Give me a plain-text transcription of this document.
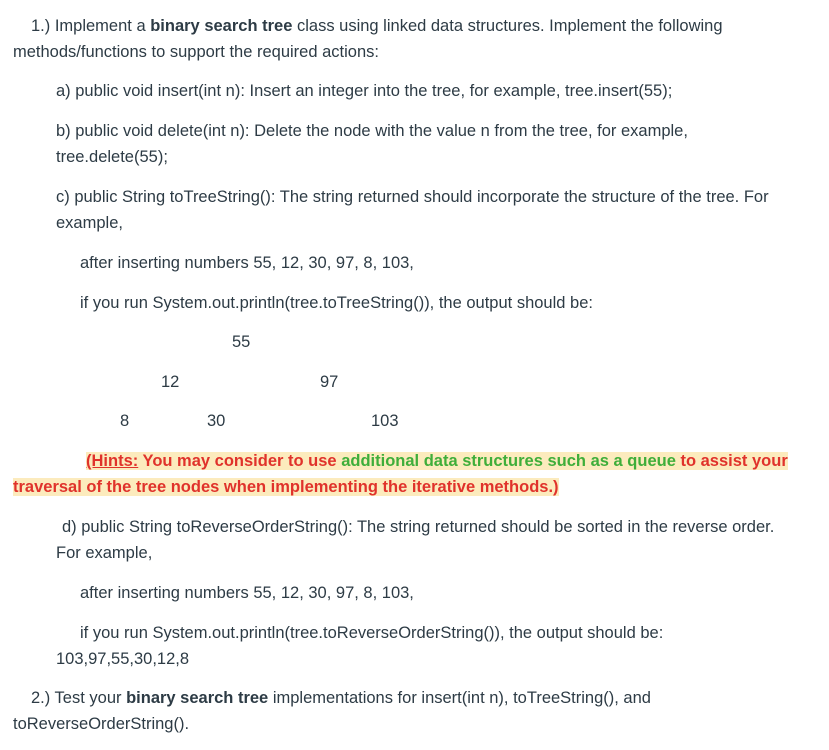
1.) Implement a binary search tree class using linked data structures. Implement the following
methods/functions to support the required actions:
a) public void insert(int n): Insert an integer into the tree, for example, tree.insert(55);
b) public void delete(int n): Delete the node with the value n from the tree, for example,
tree.delete(55);
c) public String toTreeString(): The string returned should incorporate the structure of the tree. For
example,
after inserting numbers 55, 12, 30, 97, 8, 103,
if you run System.out.println(tree.toTreeString()), the output should be:
55
12	97
8	30	103
(Hints: You may consider to use additional data structures such as a queue to assist your
traversal of the tree nodes when implementing the iterative methods.)
d) public String toReverseOrderString(): The string returned should be sorted in the reverse order.
For example,
after inserting numbers 55, 12, 30, 97, 8, 103,
if you run System.out.println(tree.toReverseOrderString()), the output should be:
103,97,55,30,12,8
2.) Test your binary search tree implementations for insert(int n), toTreeString(), and
toReverseOrderString().
